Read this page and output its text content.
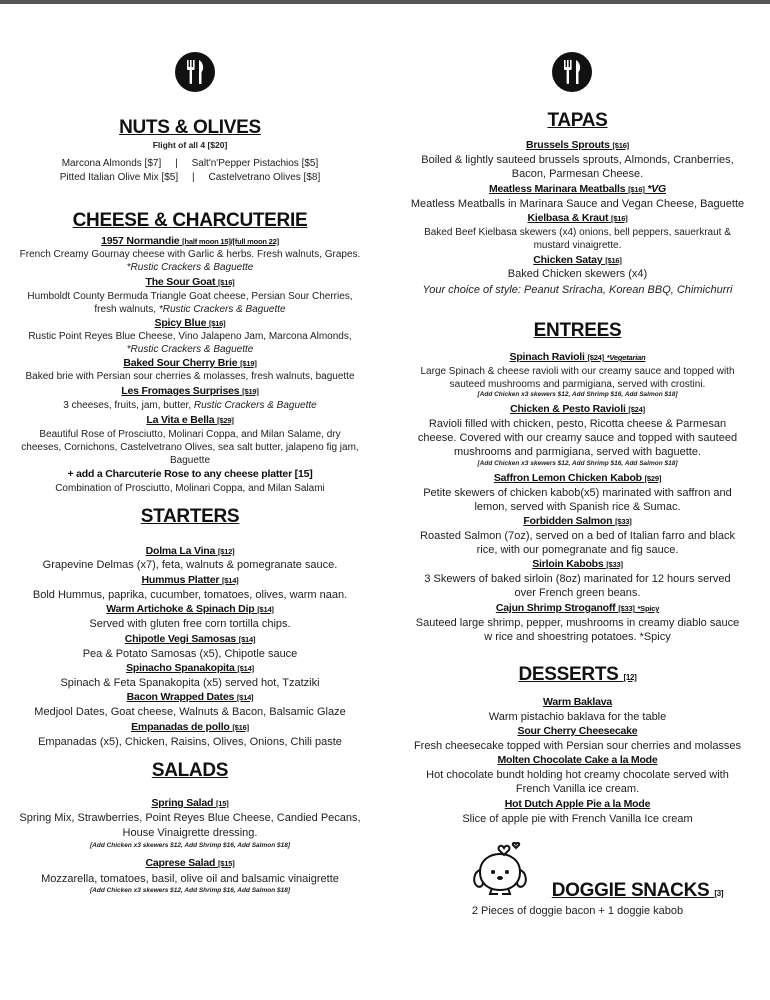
NUTS & OLIVES
Flight of all 4 [$20]
Marcona Almonds [$7]     |     Salt'n'Pepper Pistachios [$5]
Pitted Italian Olive Mix [$5]     |     Castelvetrano Olives [$8]
CHEESE & CHARCUTERIE
1957 Normandie [half moon 15]/[full moon 22]
French Creamy Gournay cheese with Garlic & herbs. Fresh walnuts, Grapes.
*Rustic Crackers & Baguette
The Sour Goat [$16]
Humboldt County Bermuda Triangle Goat cheese, Persian Sour Cherries,
fresh walnuts, *Rustic Crackers & Baguette
Spicy Blue [$16]
Rustic Point Reyes Blue Cheese, Vino Jalapeno Jam, Marcona Almonds,
*Rustic Crackers & Baguette
Baked Sour Cherry Brie [$19]
Baked brie with Persian sour cherries & molasses, fresh walnuts, baguette
Les Fromages Surprises [$19]
3 cheeses, fruits, jam, butter, Rustic Crackers & Baguette
La Vita e Bella [$29]
Beautiful Rose of Prosciutto, Molinari Coppa, and Milan Salame, dry
cheeses, Cornichons, Castelvetrano Olives, sea salt butter, jalapeno fig jam,
Baguette
+ add a Charcuterie Rose to any cheese platter [15]
Combination of Prosciutto, Molinari Coppa, and Milan Salami
STARTERS
Dolma La Vina [$12]
Grapevine Delmas (x7), feta, walnuts & pomegranate sauce.
Hummus Platter [$14]
Bold Hummus, paprika, cucumber, tomatoes, olives, warm naan.
Warm Artichoke & Spinach Dip [$14]
Served with gluten free corn tortilla chips.
Chipotle Vegi Samosas [$14]
Pea & Potato Samosas (x5), Chipotle sauce
Spinacho Spanakopita [$14]
Spinach & Feta Spanakopita (x5) served hot, Tzatziki
Bacon Wrapped Dates [$14]
Medjool Dates, Goat cheese, Walnuts & Bacon, Balsamic Glaze
Empanadas de pollo [$16]
Empanadas (x5), Chicken, Raisins, Olives, Onions, Chili paste
SALADS
Spring Salad [15]
Spring Mix, Strawberries, Point Reyes Blue Cheese, Candied Pecans,
House Vinaigrette dressing.
[Add Chicken x3 skewers $12, Add Shrimp $16, Add Salmon $18]
Caprese Salad [$15]
Mozzarella, tomatoes, basil, olive oil and balsamic vinaigrette
[Add Chicken x3 skewers $12, Add Shrimp $16, Add Salmon $18]
TAPAS
Brussels Sprouts [$16]
Boiled & lightly sauteed brussels sprouts, Almonds, Cranberries,
Bacon, Parmesan Cheese.
Meatless Marinara Meatballs [$16] *VG
Meatless Meatballs in Marinara Sauce and Vegan Cheese, Baguette
Kielbasa & Kraut [$16]
Baked Beef Kielbasa skewers (x4) onions, bell peppers, sauerkraut &
mustard vinaigrette.
Chicken Satay [$16]
Baked Chicken skewers (x4)
Your choice of style: Peanut Sriracha, Korean BBQ, Chimichurri
ENTREES
Spinach Ravioli [$24] *Vegetarian
Large Spinach & cheese ravioli with our creamy sauce and topped with
sauteed mushrooms and parmigiana, served with crostini.
[Add Chicken x3 skewers $12, Add Shrimp $16, Add Salmon $18]
Chicken & Pesto Ravioli [$24]
Ravioli filled with chicken, pesto, Ricotta cheese & Parmesan
cheese. Covered with our creamy sauce and topped with sauteed
mushrooms and parmigiana, served with baguette.
[Add Chicken x3 skewers $12, Add Shrimp $16, Add Salmon $18]
Saffron Lemon Chicken Kabob [$29]
Petite skewers of chicken kabob(x5) marinated with saffron and
lemon, served with Spanish rice & Sumac.
Forbidden Salmon [$33]
Roasted Salmon (7oz), served on a bed of Italian farro and black
rice, with our pomegranate and fig sauce.
Sirloin Kabobs [$33]
3 Skewers of baked sirloin (8oz) marinated for 12 hours served
over French green beans.
Cajun Shrimp Stroganoff [$33] *Spicy
Sauteed large shrimp, pepper, mushrooms in creamy diablo sauce
w rice and shoestring potatoes. *Spicy
DESSERTS [12]
Warm Baklava
Warm pistachio baklava for the table
Sour Cherry Cheesecake
Fresh cheesecake topped with Persian sour cherries and molasses
Molten Chocolate Cake a la Mode
Hot chocolate bundt holding hot creamy chocolate served with
French Vanilla ice cream.
Hot Dutch Apple Pie a la Mode
Slice of apple pie with French Vanilla Ice cream
DOGGIE SNACKS [3]
2 Pieces of doggie bacon + 1 doggie kabob
